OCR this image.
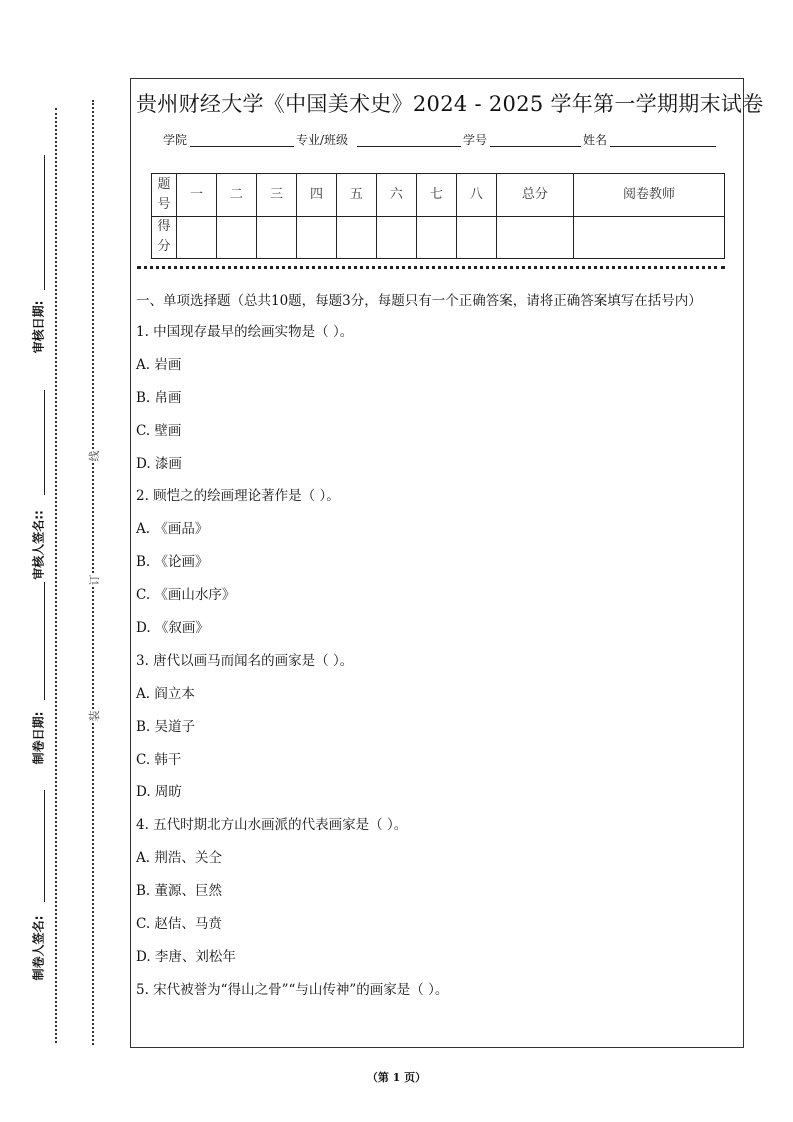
审核日期:
审核人签名::
制卷日期:
制卷人签名:
线
订
装
贵州财经大学《中国美术史》2024 - 2025 学年第一学期期末试卷
学院	专业/班级	学号	姓名
题号	一	二	三	四	五	六	七	八	总分	阅卷教师
得分										
一、单项选择题（总共10题，每题3分，每题只有一个正确答案，请将正确答案填写在括号内）
1. 中国现存最早的绘画实物是（ ）。
A. 岩画
B. 帛画
C. 壁画
D. 漆画
2. 顾恺之的绘画理论著作是（ ）。
A. 《画品》
B. 《论画》
C. 《画山水序》
D. 《叙画》
3. 唐代以画马而闻名的画家是（ ）。
A. 阎立本
B. 吴道子
C. 韩干
D. 周昉
4. 五代时期北方山水画派的代表画家是（ ）。
A. 荆浩、关仝
B. 董源、巨然
C. 赵佶、马贲
D. 李唐、刘松年
5. 宋代被誉为“得山之骨”“与山传神”的画家是（ ）。
（第 1 页）
